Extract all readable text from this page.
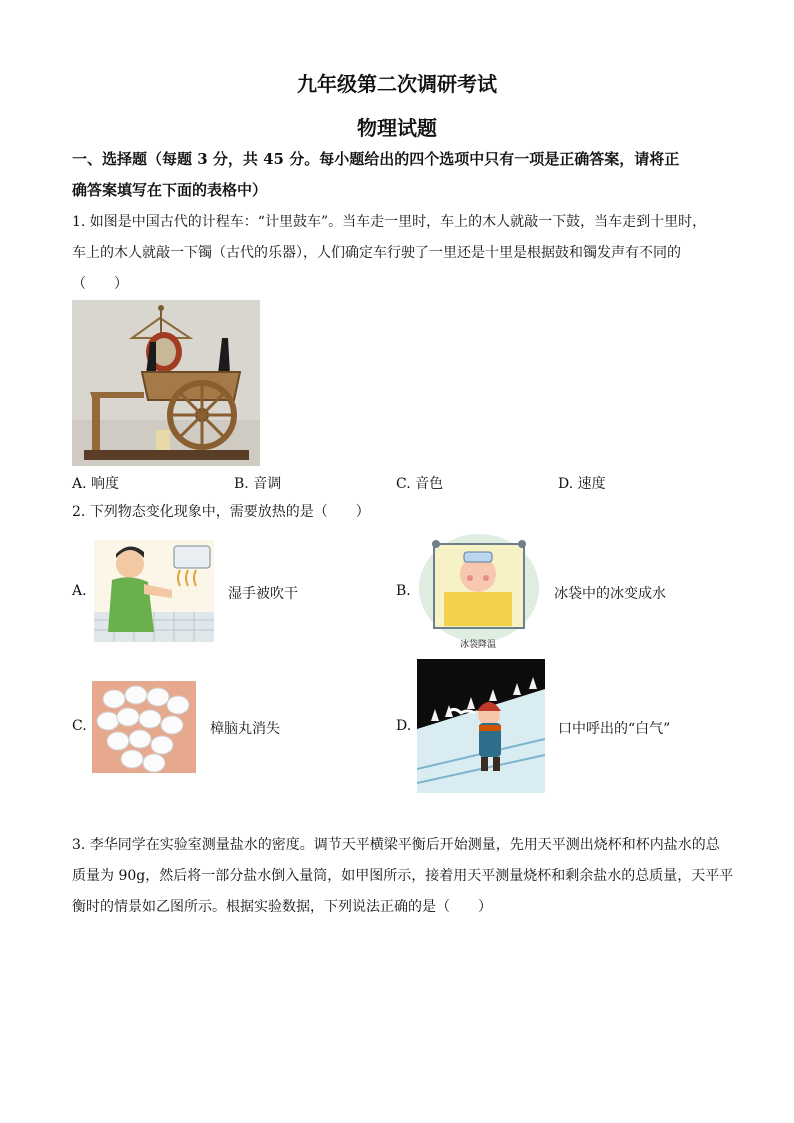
九年级第二次调研考试
物理试题
一、选择题（每题 3 分，共 45 分。每小题给出的四个选项中只有一项是正确答案，请将正
确答案填写在下面的表格中）
1. 如图是中国古代的计程车：“计里鼓车”。当车走一里时，车上的木人就敲一下鼓，当车走到十里时，
车上的木人就敲一下镯（古代的乐器），人们确定车行驶了一里还是十里是根据鼓和镯发声有不同的
（　　）
A. 响度	B. 音调	C. 音色	D. 速度
2. 下列物态变化现象中，需要放热的是（　　）
A.	湿手被吹干	B.
冰袋降温
冰袋中的冰变成水
C.	樟脑丸消失	D.	口中呼出的“白气”
3. 李华同学在实验室测量盐水的密度。调节天平横梁平衡后开始测量，先用天平测出烧杯和杯内盐水的总
质量为 90g，然后将一部分盐水倒入量筒，如甲图所示，接着用天平测量烧杯和剩余盐水的总质量，天平平
衡时的情景如乙图所示。根据实验数据，下列说法正确的是（　　）
